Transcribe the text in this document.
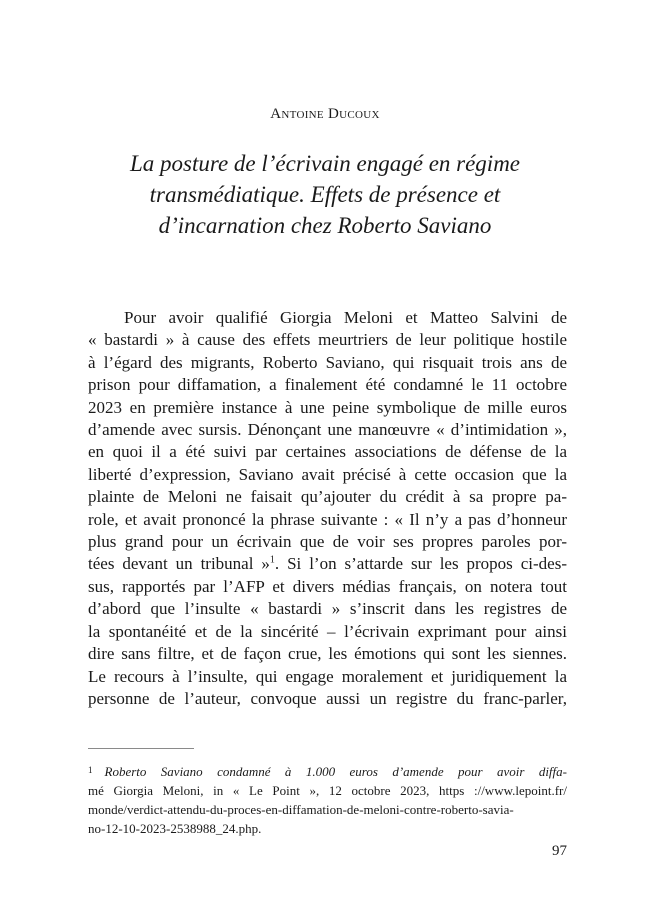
Antoine Ducoux
La posture de l’écrivain engagé en régime
transmédiatique. Effets de présence et
d’incarnation chez Roberto Saviano
Pour avoir qualifié Giorgia Meloni et Matteo Salvini de
« bastardi » à cause des effets meurtriers de leur politique hostile
à l’égard des migrants, Roberto Saviano, qui risquait trois ans de
prison pour diffamation, a finalement été condamné le 11 octobre
2023 en première instance à une peine symbolique de mille euros
d’amende avec sursis. Dénonçant une manœuvre « d’intimidation »,
en quoi il a été suivi par certaines associations de défense de la
liberté d’expression, Saviano avait précisé à cette occasion que la
plainte de Meloni ne faisait qu’ajouter du crédit à sa propre pa-
role, et avait prononcé la phrase suivante : « Il n’y a pas d’honneur
plus grand pour un écrivain que de voir ses propres paroles por-
tées devant un tribunal »$^1$. Si l’on s’attarde sur les propos ci-des-
sus, rapportés par l’AFP et divers médias français, on notera tout
d’abord que l’insulte « bastardi » s’inscrit dans les registres de
la spontanéité et de la sincérité – l’écrivain exprimant pour ainsi
dire sans filtre, et de façon crue, les émotions qui sont les siennes.
Le recours à l’insulte, qui engage moralement et juridiquement la
personne de l’auteur, convoque aussi un registre du franc-parler,
$^1$ Roberto Saviano condamné à 1.000 euros d’amende pour avoir diffa-
mé Giorgia Meloni, in « Le Point », 12 octobre 2023, https ://www.lepoint.fr/
monde/verdict-attendu-du-proces-en-diffamation-de-meloni-contre-roberto-savia-
no-12-10-2023-2538988_24.php.
97
